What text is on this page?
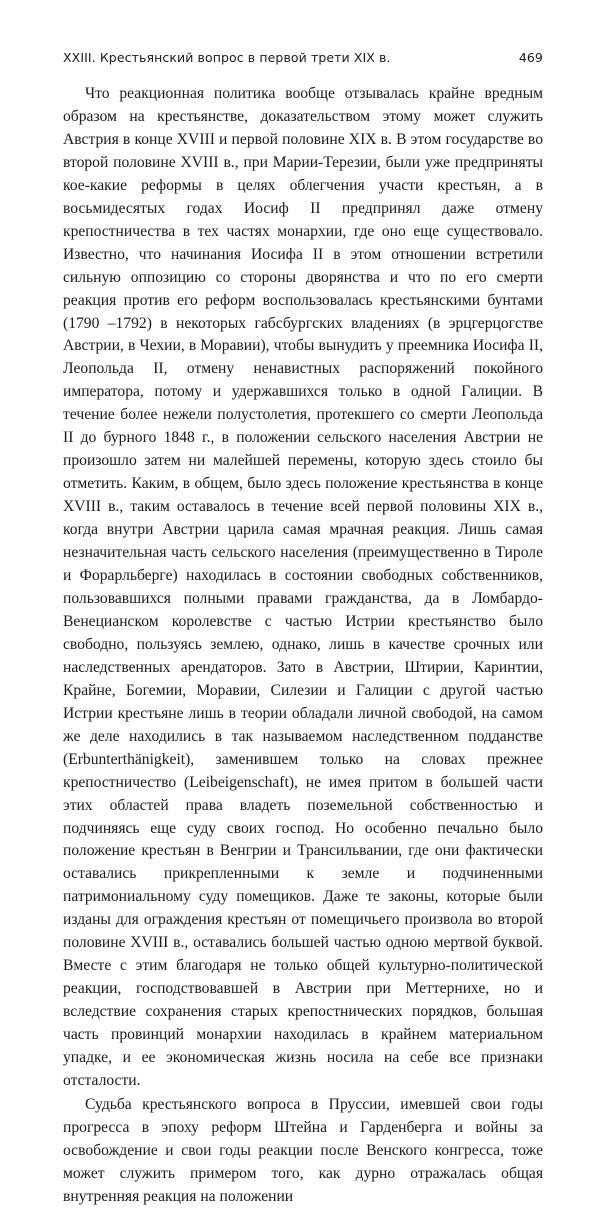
XXIII. Крестьянский вопрос в первой трети XIX в.	469

Что реакционная политика вообще отзывалась крайне вредным образом на крестьянстве, доказательством этому может служить Австрия в конце XVIII и первой половине XIX в. В этом государстве во второй половине XVIII в., при Марии-Терезии, были уже предприняты кое-какие реформы в целях облегчения участи крестьян, а в восьмидесятых годах Иосиф II предпринял даже отмену крепостничества в тех частях монархии, где оно еще существовало. Известно, что начинания Иосифа II в этом отношении встретили сильную оппозицию со стороны дворянства и что по его смерти реакция против его реформ воспользовалась крестьянскими бунтами (1790 –1792) в некоторых габсбургских владениях (в эрцгерцогстве Австрии, в Чехии, в Моравии), чтобы вынудить у преемника Иосифа II, Леопольда II, отмену ненавистных распоряжений покойного императора, потому и удержавшихся только в одной Галиции. В течение более нежели полустолетия, протекшего со смерти Леопольда II до бурного 1848 г., в положении сельского населения Австрии не произошло затем ни малейшей перемены, которую здесь стоило бы отметить. Каким, в общем, было здесь положение крестьянства в конце XVIII в., таким оставалось в течение всей первой половины XIX в., когда внутри Австрии царила самая мрачная реакция. Лишь самая незначительная часть сельского населения (преимущественно в Тироле и Форарльберге) находилась в состоянии свободных собственников, пользовавшихся полными правами гражданства, да в Ломбардо-Венецианском королевстве с частью Истрии крестьянство было свободно, пользуясь землею, однако, лишь в качестве срочных или наследственных арендаторов. Зато в Австрии, Штирии, Каринтии, Крайне, Богемии, Моравии, Силезии и Галиции с другой частью Истрии крестьяне лишь в теории обладали личной свободой, на самом же деле находились в так называемом наследственном подданстве (Erbunterthänigkeit), заменившем только на словах прежнее крепостничество (Leibeigenschaft), не имея притом в большей части этих областей права владеть поземельной собственностью и подчиняясь еще суду своих господ. Но особенно печально было положение крестьян в Венгрии и Трансильвании, где они фактически оставались прикрепленными к земле и подчиненными патримониальному суду помещиков. Даже те законы, которые были изданы для ограждения крестьян от помещичьего произвола во второй половине XVIII в., оставались большей частью одною мертвой буквой. Вместе с этим благодаря не только общей культурно-политической реакции, господствовавшей в Австрии при Меттернихе, но и вследствие сохранения старых крепостнических порядков, большая часть провинций монархии находилась в крайнем материальном упадке, и ее экономическая жизнь носила на себе все признаки отсталости.

Судьба крестьянского вопроса в Пруссии, имевшей свои годы прогресса в эпоху реформ Штейна и Гарденберга и войны за освобождение и свои годы реакции после Венского конгресса, тоже может служить примером того, как дурно отражалась общая внутренняя реакция на положении
